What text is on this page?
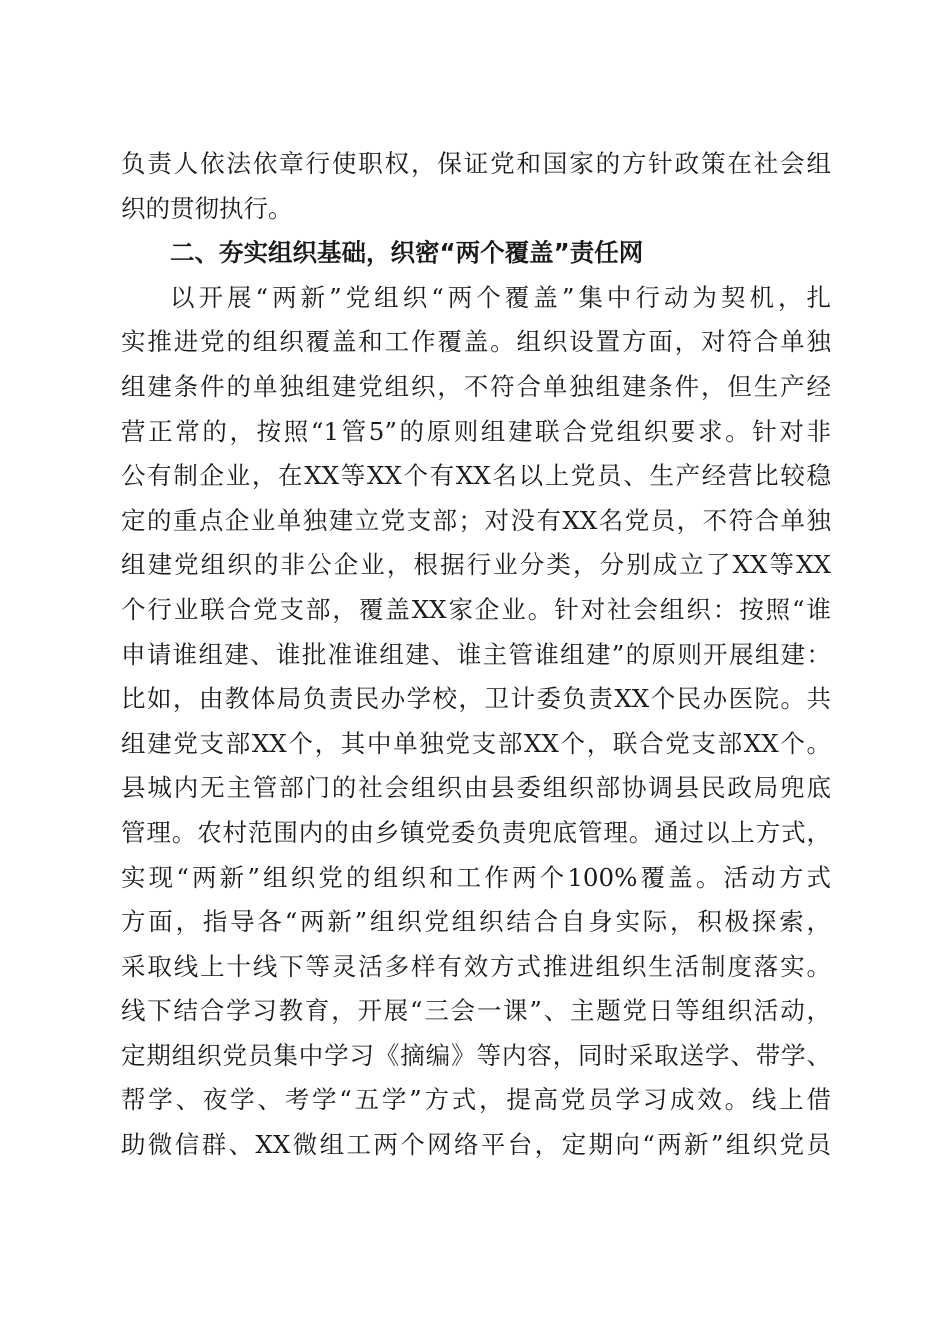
负责人依法依章行使职权，保证党和国家的方针政策在社会组
织的贯彻执行。
二、夯实组织基础，织密“两个覆盖”责任网
以开展“两新”党组织“两个覆盖”集中行动为契机，扎
实推进党的组织覆盖和工作覆盖。组织设置方面，对符合单独
组建条件的单独组建党组织，不符合单独组建条件，但生产经
营正常的，按照“1管5”的原则组建联合党组织要求。针对非
公有制企业，在XX等XX个有XX名以上党员、生产经营比较稳
定的重点企业单独建立党支部；对没有XX名党员，不符合单独
组建党组织的非公企业，根据行业分类，分别成立了XX等XX
个行业联合党支部，覆盖XX家企业。针对社会组织：按照“谁
申请谁组建、谁批准谁组建、谁主管谁组建”的原则开展组建：
比如，由教体局负责民办学校，卫计委负责XX个民办医院。共
组建党支部XX个，其中单独党支部XX个，联合党支部XX个。
县城内无主管部门的社会组织由县委组织部协调县民政局兜底
管理。农村范围内的由乡镇党委负责兜底管理。通过以上方式，
实现“两新”组织党的组织和工作两个100%覆盖。活动方式
方面，指导各“两新”组织党组织结合自身实际，积极探索，
采取线上十线下等灵活多样有效方式推进组织生活制度落实。
线下结合学习教育，开展“三会一课”、主题党日等组织活动，
定期组织党员集中学习《摘编》等内容，同时采取送学、带学、
帮学、夜学、考学“五学”方式，提高党员学习成效。线上借
助微信群、XX微组工两个网络平台，定期向“两新”组织党员
